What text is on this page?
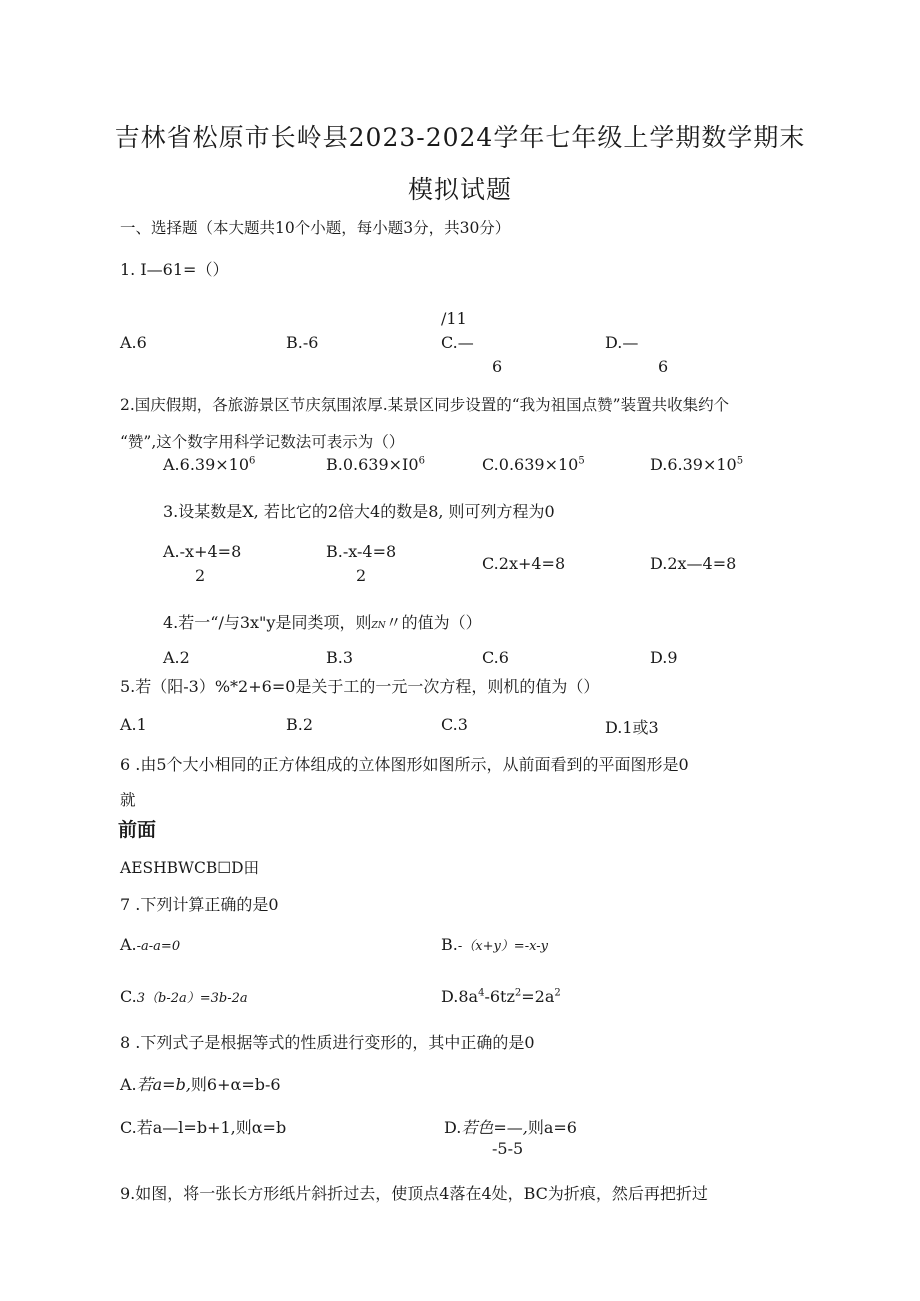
吉林省松原市长岭县2023-2024学年七年级上学期数学期末
模拟试题
一、选择题（本大题共10个小题，每小题3分，共30分）
1. I—61=（）
/11
A.6	B.-6	C.—	D.—
6	6
2.国庆假期，各旅游景区节庆氛围浓厚.某景区同步设置的“我为祖国点赞”装置共收集约个
“赞”,这个数字用科学记数法可表示为（）
$A.6.39\times 10^6$	$B.0.639\times I0^6$	$C.0.639\times 10^5$	$D.6.39\times 10^5$
3.设某数是X, 若比它的2倍大4的数是8, 则可列方程为0
A.-x+4=8
2
B.-x-4=8
2
C.2x+4=8	D.2x—4=8
4.若一“/与3x"y是同类项，则ZN〃的值为（）
A.2	B.3	C.6	D.9
5.若（阳-3）%*2+6=0是关于工的一元一次方程，则机的值为（）
A.1	B.2	C.3	D.1或3
6 .由5个大小相同的正方体组成的立体图形如图所示，从前面看到的平面图形是0
就
前面
AESHBWCB☐D田
7 .下列计算正确的是0
A.-a-a=0	B.-（x+y）=-x-y
C.3（b-2a）=3b-2a	$D.8a^4-6tz^2=2a^2$
8 .下列式子是根据等式的性质进行变形的，其中正确的是0
A.若a=b,则6+α=b-6
C.若a—l=b+1,则α=b	D.若色=—,则a=6
-5-5
9.如图，将一张长方形纸片斜折过去，使顶点4落在4处，BC为折痕，然后再把折过
